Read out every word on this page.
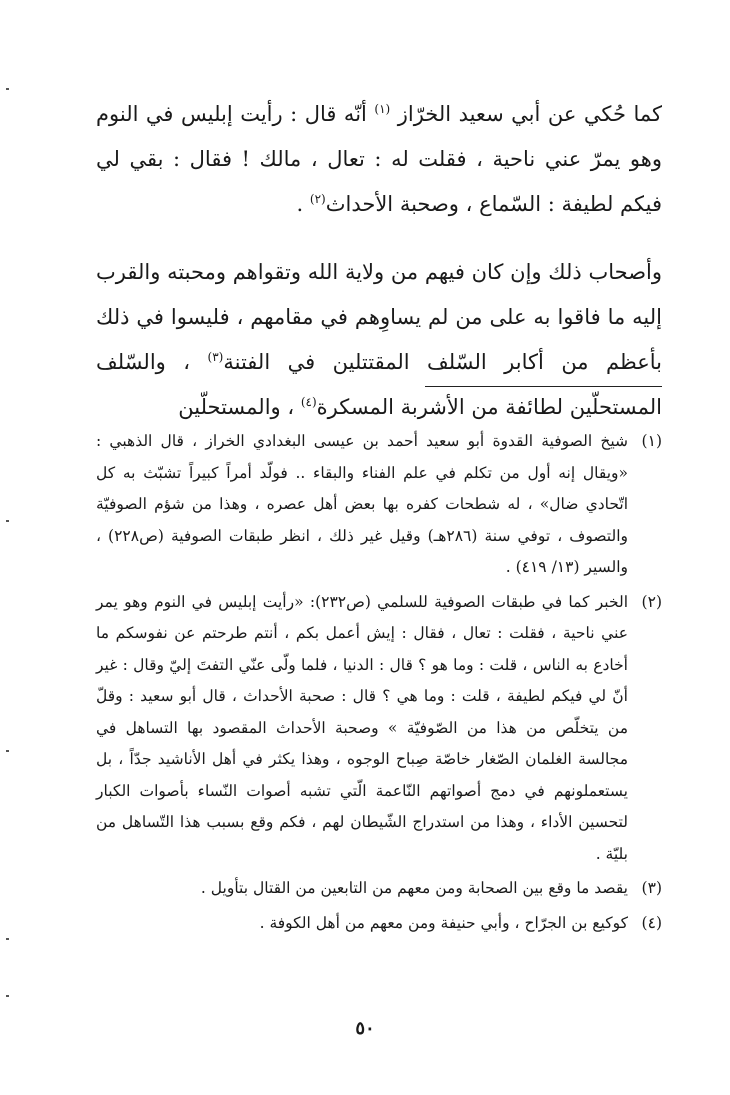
كما حُكي عن أبي سعيد الخرّاز $^{(١)}$ أنّه قال : رأيت إبليس في النوم وهو يمرّ عني ناحية ، فقلت له : تعال ، مالك ! فقال : بقي لي فيكم لطيفة : السّماع ، وصحبة الأحداث$^{(٢)}$ .

وأصحاب ذلك وإن كان فيهم من ولاية الله وتقواهم ومحبته والقرب إليه ما فاقوا به على من لم يساوِهم في مقامهم ، فليسوا في ذلك بأعظم من أكابر السّلف المقتتلين في الفتنة$^{(٣)}$ ، والسّلف المستحلّين لطائفة من الأشربة المسكرة$^{(٤)}$ ، والمستحلّين

(١)
شيخ الصوفية القدوة أبو سعيد أحمد بن عيسى البغدادي الخراز ، قال الذهبي : «ويقال إنه أول من تكلم في علم الفناء والبقاء .. فولّد أمراً كبيراً تشبّث به كل اتّحادي ضال» ، له شطحات كفره بها بعض أهل عصره ، وهذا من شؤم الصوفيّة والتصوف ، توفي سنة (٢٨٦هـ) وقيل غير ذلك ، انظر طبقات الصوفية (ص٢٢٨) ، والسير (١٣/ ٤١٩) .
(٢)
الخبر كما في طبقات الصوفية للسلمي (ص٢٣٢): «رأيت إبليس في النوم وهو يمر عني ناحية ، فقلت : تعال ، فقال : إيش أعمل بكم ، أنتم طرحتم عن نفوسكم ما أخادع به الناس ، قلت : وما هو ؟ قال : الدنيا ، فلما ولّى عنّي التفتَ إليّ وقال : غير أنّ لي فيكم لطيفة ، قلت : وما هي ؟ قال : صحبة الأحداث ، قال أبو سعيد : وقلّ من يتخلّص من هذا من الصّوفيّة » وصحبة الأحداث المقصود بها التساهل في مجالسة الغلمان الصّغار خاصّة صِباح الوجوه ، وهذا يكثر في أهل الأناشيد جدّاً ، بل يستعملونهم في دمج أصواتهم النّاعمة الّتي تشبه أصوات النّساء بأصوات الكبار لتحسين الأداء ، وهذا من استدراج الشّيطان لهم ، فكم وقع بسبب هذا التّساهل من بليّة .
(٣)
يقصد ما وقع بين الصحابة ومن معهم من التابعين من القتال بتأويل .
(٤)
كوكيع بن الجرّاح ، وأبي حنيفة ومن معهم من أهل الكوفة .
٥٠
